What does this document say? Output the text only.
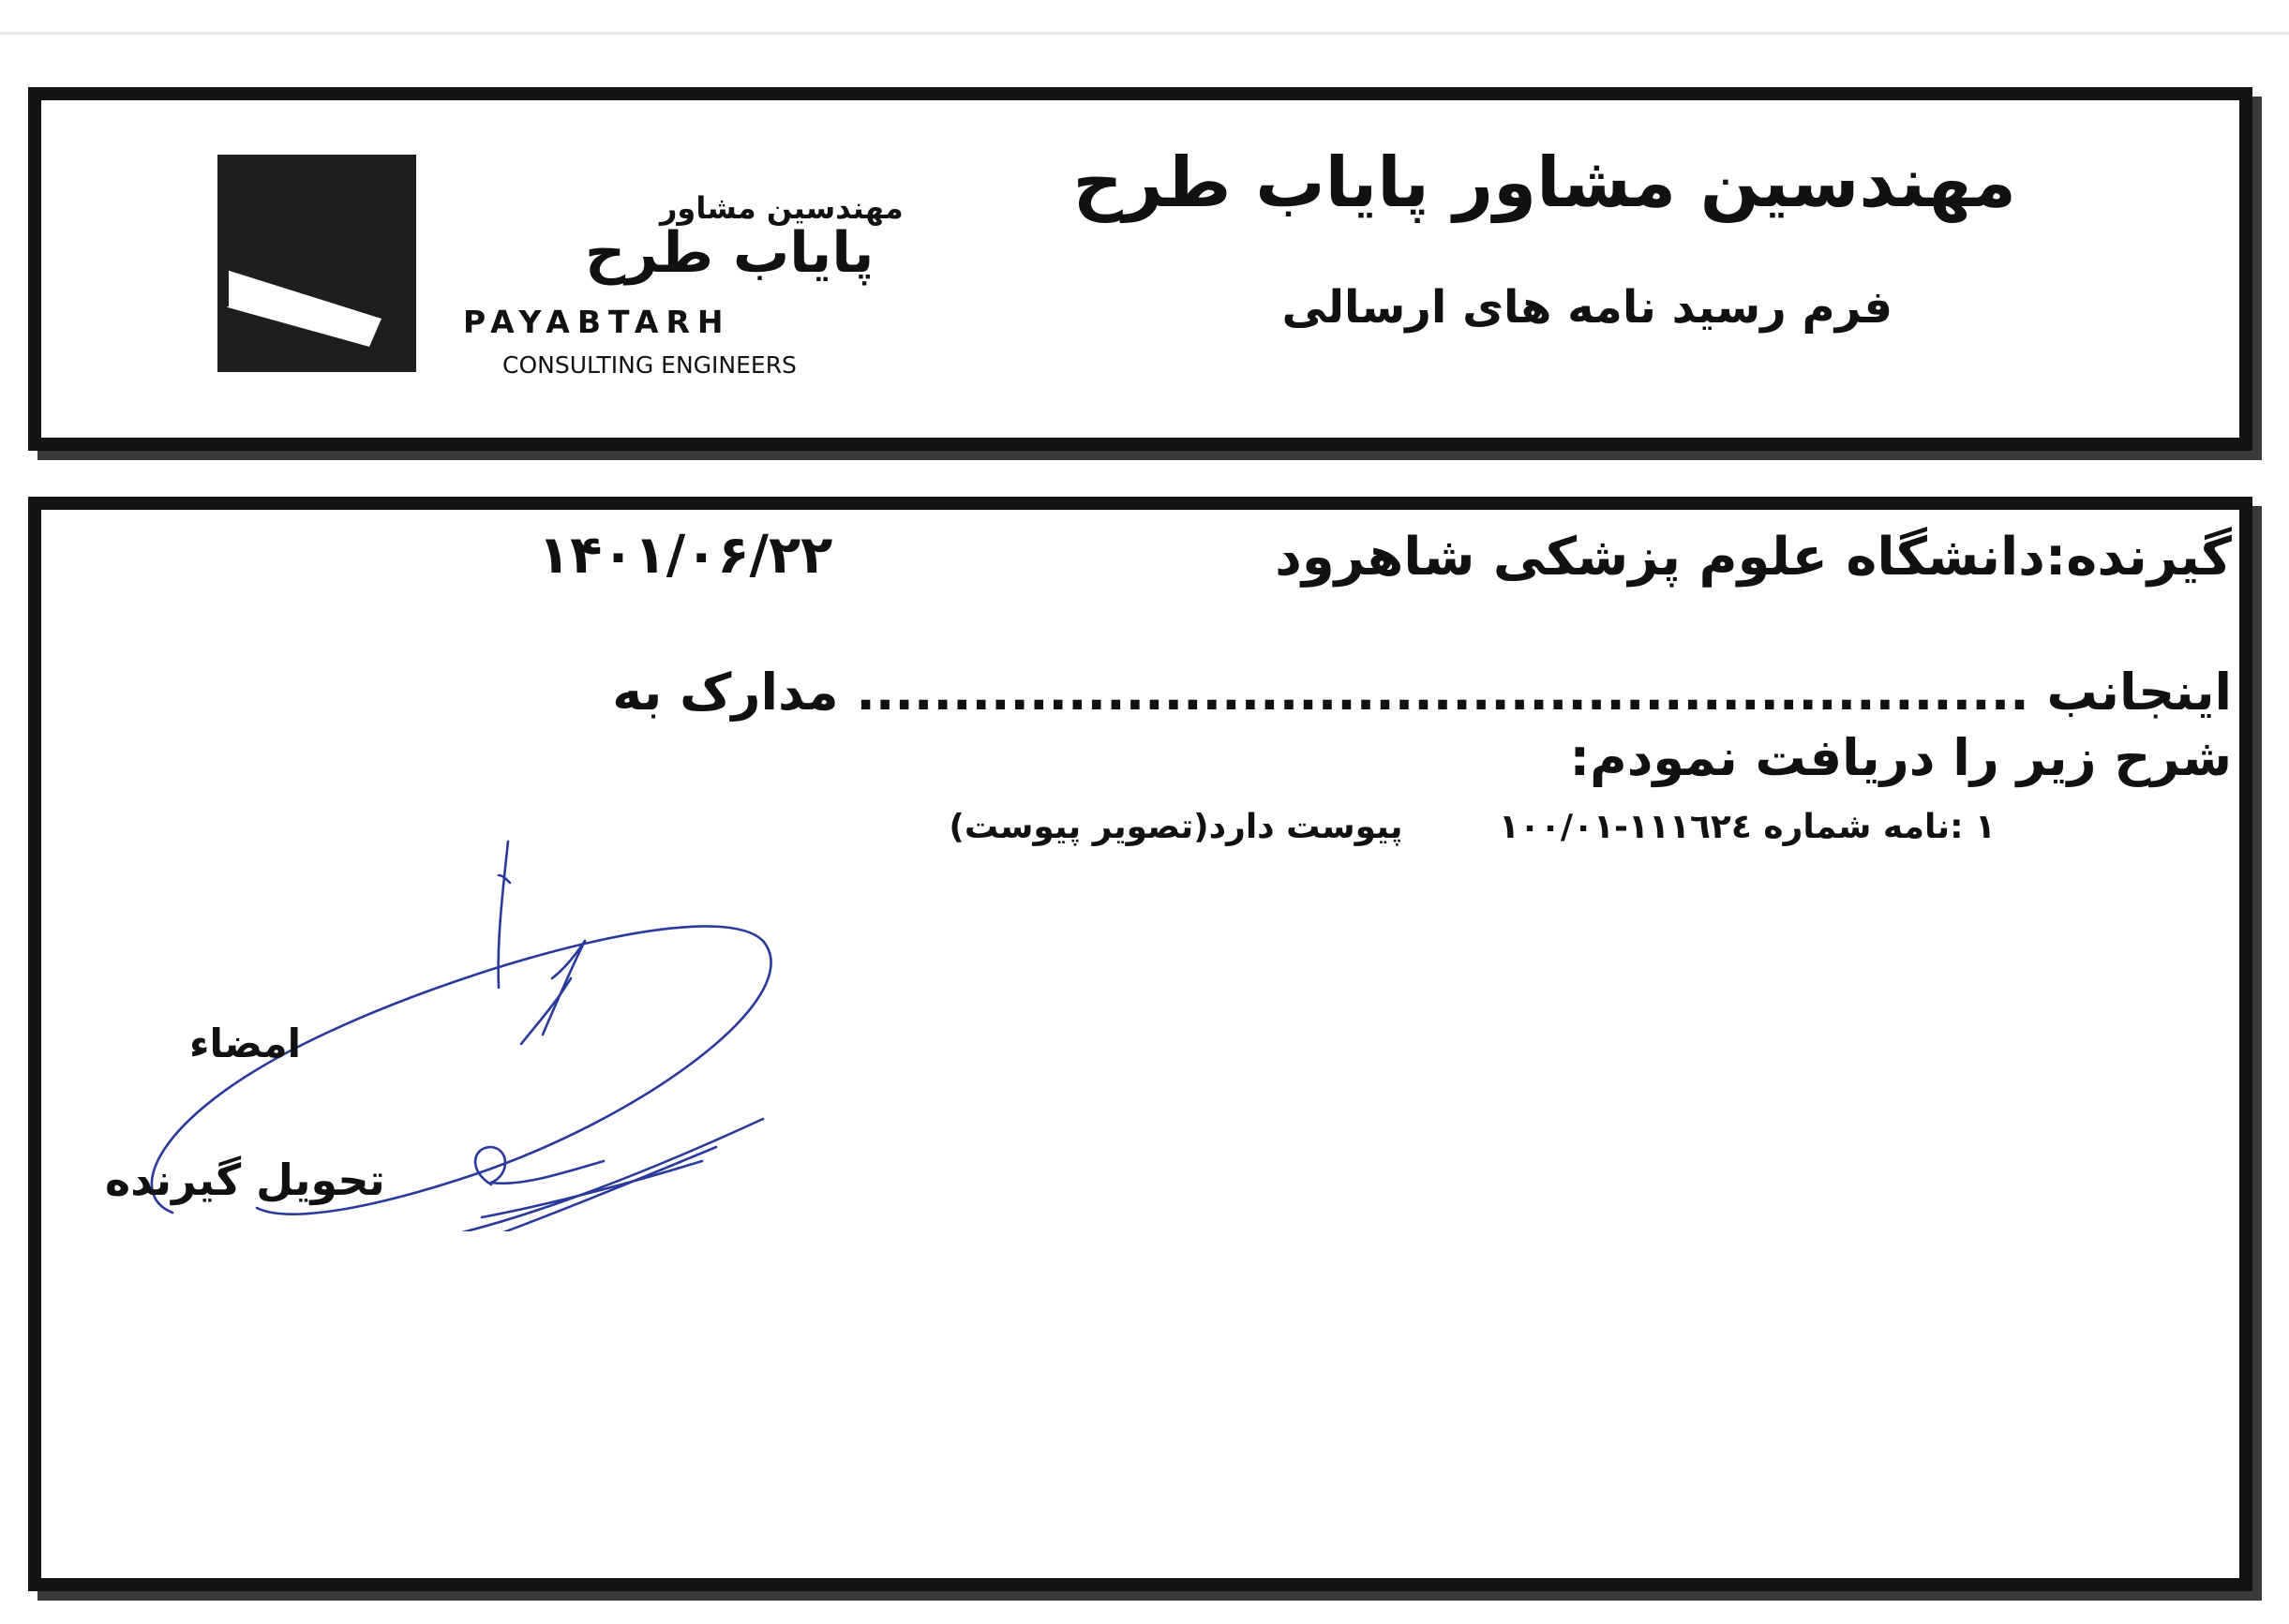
مهندسین مشاور پایاب طرح
فرم رسید نامه های ارسالی
مهندسین مشاور
پایاب طرح
PAYABTARH
CONSULTING ENGINEERS
گیرنده:دانشگاه علوم پزشکی شاهرود
۱۴۰۱/۰۶/۲۲
اینجانب ............................................................. مدارک به شرح زیر را دریافت نمودم:
١ :نامه شماره ١١١٦٢٤-١٠٠/٠١ پیوست دارد(تصویر پیوست)
امضاء
تحویل گیرنده
